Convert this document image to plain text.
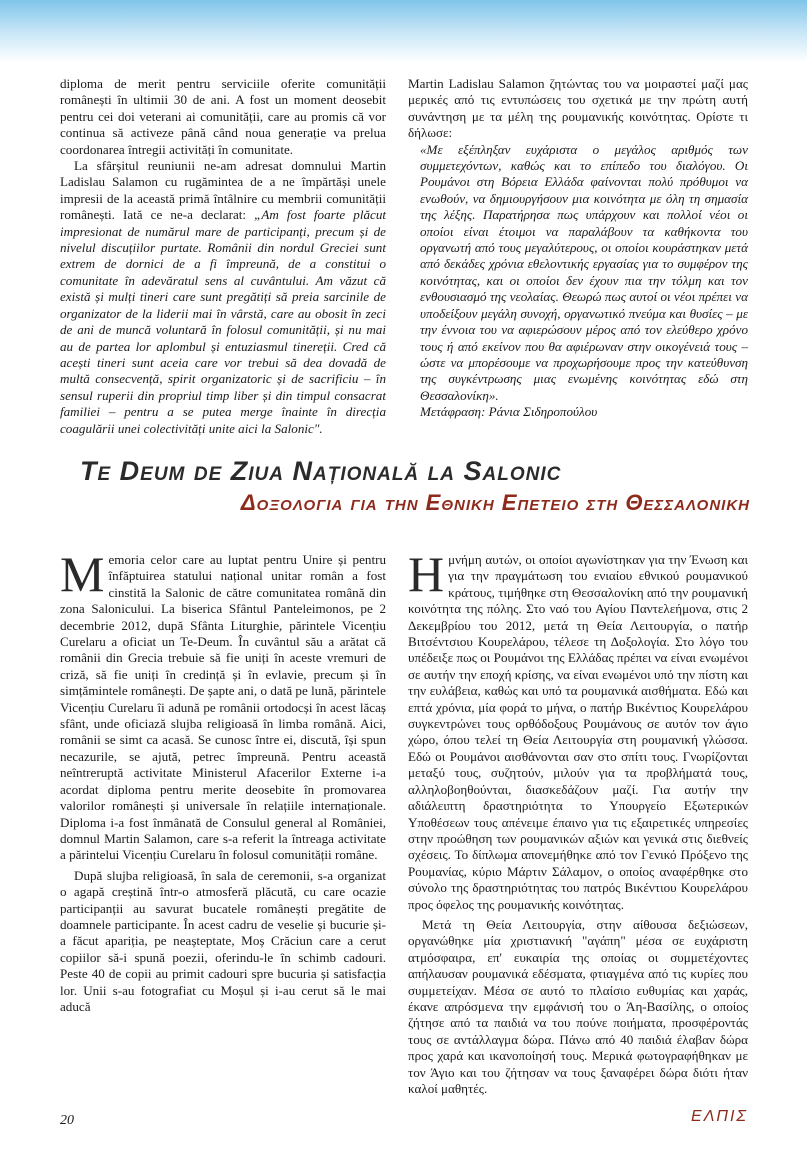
diploma de merit pentru serviciile oferite comunității românești în ultimii 30 de ani. A fost un moment deosebit pentru cei doi veterani ai comunității, care au promis că vor continua să activeze până când noua generație va prelua coordonarea întregii activități în comunitate.

La sfârșitul reuniunii ne-am adresat domnului Martin Ladislau Salamon cu rugămintea de a ne împărtăși unele impresii de la această primă întâlnire cu membrii comunității românești. Iată ce ne-a declarat: „Am fost foarte plăcut impresionat de numărul mare de participanți, precum și de nivelul discuțiilor purtate. Românii din nordul Greciei sunt extrem de dornici de a fi împreună, de a constitui o comunitate în adevăratul sens al cuvântului. Am văzut că există și mulți tineri care sunt pregătiți să preia sarcinile de organizator de la liderii mai în vârstă, care au obosit în zeci de ani de muncă voluntară în folosul comunității, și nu mai au de partea lor aplombul și entuziasmul tinereții. Cred că acești tineri sunt aceia care vor trebui să dea dovadă de multă consecvență, spirit organizatoric și de sacrificiu – în sensul ruperii din propriul timp liber și din timpul consacrat familiei – pentru a se putea merge înainte în direcția coagulării unei colectivități unite aici la Salonic".

Martin Ladislau Salamon ζητώντας του να μοιραστεί μαζί μας μερικές από τις εντυπώσεις του σχετικά με την πρώτη αυτή συνάντηση με τα μέλη της ρουμανικής κοινότητας. Ορίστε τι δήλωσε:

«Με εξέπληξαν ευχάριστα ο μεγάλος αριθμός των συμμετεχόντων, καθώς και το επίπεδο του διαλόγου. Οι Ρουμάνοι στη Βόρεια Ελλάδα φαίνονται πολύ πρόθυμοι να ενωθούν, να δημιουργήσουν μια κοινότητα με όλη τη σημασία της λέξης. Παρατήρησα πως υπάρχουν και πολλοί νέοι οι οποίοι είναι έτοιμοι να παραλάβουν τα καθήκοντα του οργανωτή από τους μεγαλύτερους, οι οποίοι κουράστηκαν μετά από δεκάδες χρόνια εθελοντικής εργασίας για το συμφέρον της κοινότητας, και οι οποίοι δεν έχουν πια την τόλμη και τον ενθουσιασμό της νεολαίας. Θεωρώ πως αυτοί οι νέοι πρέπει να υποδείξουν μεγάλη συνοχή, οργανωτικό πνεύμα και θυσίες – με την έννοια του να αφιερώσουν μέρος από τον ελεύθερο χρόνο τους ή από εκείνον που θα αφιέρωναν στην οικογένειά τους – ώστε να μπορέσουμε να προχωρήσουμε προς την κατεύθυνση της συγκέντρωσης μιας ενωμένης κοινότητας εδώ στη Θεσσαλονίκη».

Μετάφραση: Ράνια Σιδηροπούλου

Te Deum de Ziua Națională la Salonic
Δοξολογια για την Εθνικη Επετειο στη Θεσσαλονικη

Memoria celor care au luptat pentru Unire și pentru înfăptuirea statului național unitar român a fost cinstită la Salonic de către comunitatea română din zona Salonicului. La biserica Sfântul Panteleimonos, pe 2 decembrie 2012, după Sfânta Liturghie, părintele Vicențiu Curelaru a oficiat un Te-Deum. În cuvântul său a arătat că românii din Grecia trebuie să fie uniți în aceste vremuri de criză, să fie uniți în credință și în evlavie, precum și în simțămintele românești. De șapte ani, o dată pe lună, părintele Vicențiu Curelaru îi adună pe românii ortodocși în acest lăcaș sfânt, unde oficiază slujba religioasă în limba română. Aici, românii se simt ca acasă. Se cunosc între ei, discută, își spun necazurile, se ajută, petrec împreună. Pentru această neîntreruptă activitate Ministerul Afacerilor Externe i-a acordat diploma pentru merite deosebite în promovarea valorilor românești și universale în relațiile internaționale. Diploma i-a fost înmânată de Consulul general al României, domnul Martin Salamon, care s-a referit la întreaga activitate a părintelui Vicențiu Curelaru în folosul comunității române.

După slujba religioasă, în sala de ceremonii, s-a organizat o agapă creștină într-o atmosferă plăcută, cu care ocazie participanții au savurat bucatele românești pregătite de doamnele participante. În acest cadru de veselie și bucurie și-a făcut apariția, pe neașteptate, Moș Crăciun care a cerut copiilor să-i spună poezii, oferindu-le în schimb cadouri. Peste 40 de copii au primit cadouri spre bucuria și satisfacția lor. Unii s-au fotografiat cu Moșul și i-au cerut să le mai aducă

Η μνήμη αυτών, οι οποίοι αγωνίστηκαν για την Ένωση και για την πραγμάτωση του ενιαίου εθνικού ρουμανικού κράτους, τιμήθηκε στη Θεσσαλονίκη από την ρουμανική κοινότητα της πόλης. Στο ναό του Αγίου Παντελεήμονα, στις 2 Δεκεμβρίου του 2012, μετά τη Θεία Λειτουργία, ο πατήρ Βιτσέντσιου Κουρελάρου, τέλεσε τη Δοξολογία. Στο λόγο του υπέδειξε πως οι Ρουμάνοι της Ελλάδας πρέπει να είναι ενωμένοι σε αυτήν την εποχή κρίσης, να είναι ενωμένοι υπό την πίστη και την ευλάβεια, καθώς και υπό τα ρουμανικά αισθήματα. Εδώ και επτά χρόνια, μία φορά το μήνα, ο πατήρ Βικέντιος Κουρελάρου συγκεντρώνει τους ορθόδοξους Ρουμάνους σε αυτόν τον άγιο χώρο, όπου τελεί τη Θεία Λειτουργία στη ρουμανική γλώσσα. Εδώ οι Ρουμάνοι αισθάνονται σαν στο σπίτι τους. Γνωρίζονται μεταξύ τους, συζητούν, μιλούν για τα προβλήματά τους, αλληλοβοηθούνται, διασκεδάζουν μαζί. Για αυτήν την αδιάλειπτη δραστηριότητα το Υπουργείο Εξωτερικών Υποθέσεων τους απένειμε έπαινο για τις εξαιρετικές υπηρεσίες στην προώθηση των ρουμανικών αξιών και γενικά στις διεθνείς σχέσεις. Το δίπλωμα απονεμήθηκε από τον Γενικό Πρόξενο της Ρουμανίας, κύριο Μάρτιν Σάλαμον, ο οποίος αναφέρθηκε στο σύνολο της δραστηριότητας του πατρός Βικέντιου Κουρελάρου προς όφελος της ρουμανικής κοινότητας.

Μετά τη Θεία Λειτουργία, στην αίθουσα δεξιώσεων, οργανώθηκε μία χριστιανική "αγάπη" μέσα σε ευχάριστη ατμόσφαιρα, επ' ευκαιρία της οποίας οι συμμετέχοντες απήλαυσαν ρουμανικά εδέσματα, φτιαγμένα από τις κυρίες που συμμετείχαν. Μέσα σε αυτό το πλαίσιο ευθυμίας και χαράς, έκανε απρόσμενα την εμφάνισή του ο Άη-Βασίλης, ο οποίος ζήτησε από τα παιδιά να του πούνε ποιήματα, προσφέροντάς τους σε αντάλλαγμα δώρα. Πάνω από 40 παιδιά έλαβαν δώρα προς χαρά και ικανοποίησή τους. Μερικά φωτογραφήθηκαν με τον Άγιο και του ζήτησαν να τους ξαναφέρει δώρα διότι ήταν καλοί μαθητές.

20	ΕΛΠΙΣ
